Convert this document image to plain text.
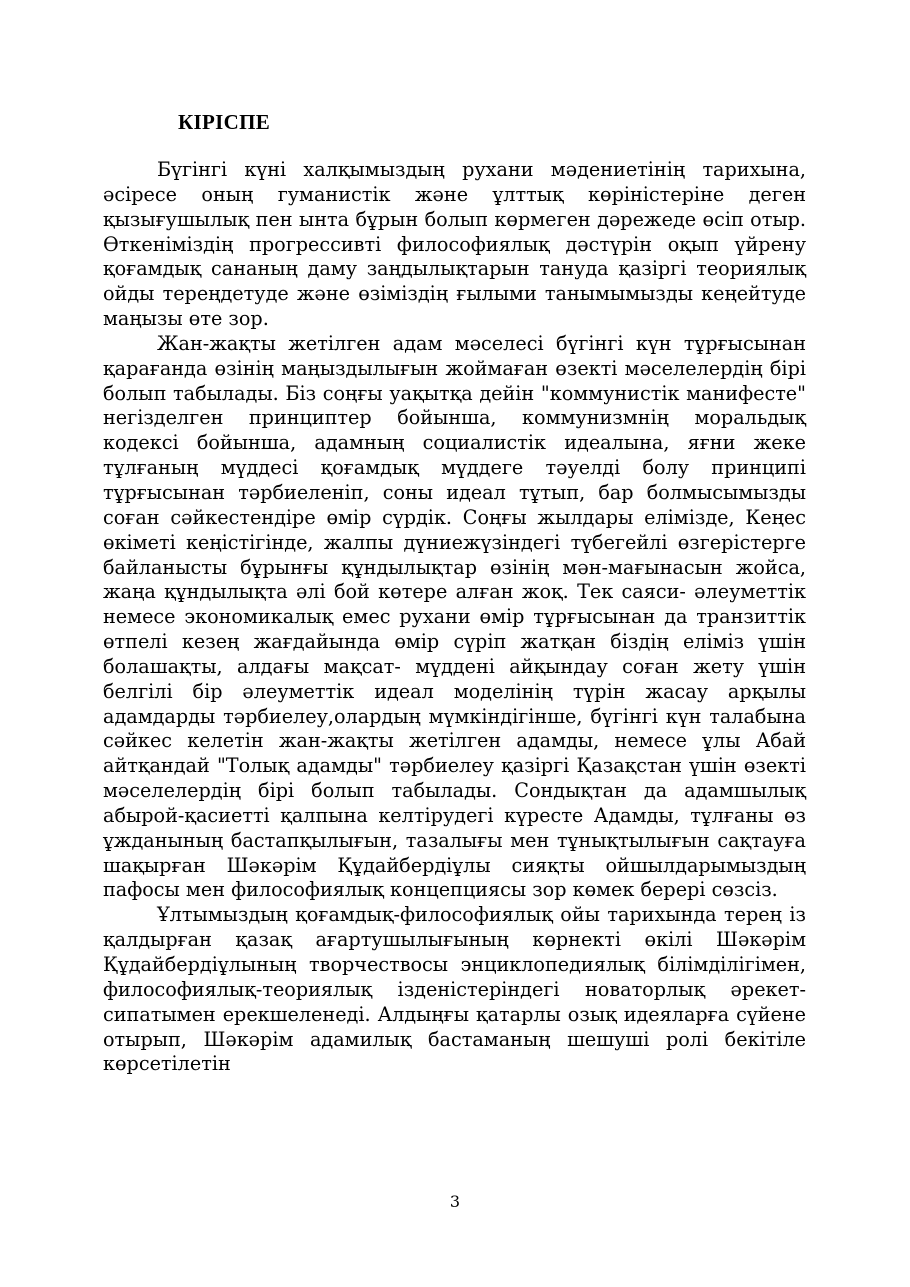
КІРІСПЕ

Бүгінгі күні халқымыздың рухани мәдениетінің тарихына, әсіресе оның гуманистік және ұлттық көріністеріне деген қызығушылық пен ынта бұрын болып көрмеген дәрежеде өсіп отыр. Өткеніміздің прогрессивті философиялық дәстүрін оқып үйрену қоғамдық сананың даму заңдылықтарын тануда қазіргі теориялық ойды тереңдетуде және өзіміздің ғылыми танымымызды кеңейтуде маңызы өте зор.

Жан-жақты жетілген адам мәселесі бүгінгі күн тұрғысынан қарағанда өзінің маңыздылығын жоймаған өзекті мәселелердің бірі болып табылады. Біз соңғы уақытқа дейін "коммунистік манифесте" негізделген принциптер бойынша, коммунизмнің моральдық кодексі бойынша, адамның социалистік идеалына, яғни жеке тұлғаның мүддесі қоғамдық мүддеге тәуелді болу принципі тұрғысынан тәрбиеленіп, соны идеал тұтып, бар болмысымызды соған сәйкестендіре өмір сүрдік. Соңғы жылдары елімізде, Кеңес өкіметі кеңістігінде, жалпы дүниежүзіндегі түбегейлі өзгерістерге байланысты бұрынғы құндылықтар өзінің мән-мағынасын жойса, жаңа құндылықта әлі бой көтере алған жоқ. Тек саяси- әлеуметтік немесе экономикалық емес рухани өмір тұрғысынан да транзиттік өтпелі кезең жағдайында өмір сүріп жатқан біздің еліміз үшін болашақты, алдағы мақсат- мүддені айқындау соған жету үшін белгілі бір әлеуметтік идеал моделінің түрін жасау арқылы адамдарды тәрбиелеу,олардың мүмкіндігінше, бүгінгі күн талабына сәйкес келетін жан-жақты жетілген адамды, немесе ұлы Абай айтқандай "Толық адамды" тәрбиелеу қазіргі Қазақстан үшін өзекті мәселелердің бірі болып табылады. Сондықтан да адамшылық абырой-қасиетті қалпына келтірудегі күресте Адамды, тұлғаны өз ұжданының бастапқылығын, тазалығы мен тұнықтылығын сақтауға шақырған Шәкәрім Құдайбердіұлы сияқты ойшылдарымыздың пафосы мен философиялық концепциясы зор көмек берері сөзсіз.

Ұлтымыздың қоғамдық-философиялық ойы тарихында терең із қалдырған қазақ ағартушылығының көрнекті өкілі Шәкәрім Құдайбердіұлының творчествосы энциклопедиялық білімділігімен, философиялық-теориялық ізденістеріндегі новаторлық әрекет-сипатымен ерекшеленеді. Алдыңғы қатарлы озық идеяларға сүйене отырып, Шәкәрім адамилық бастаманың шешуші ролі бекітіле көрсетілетін

3
